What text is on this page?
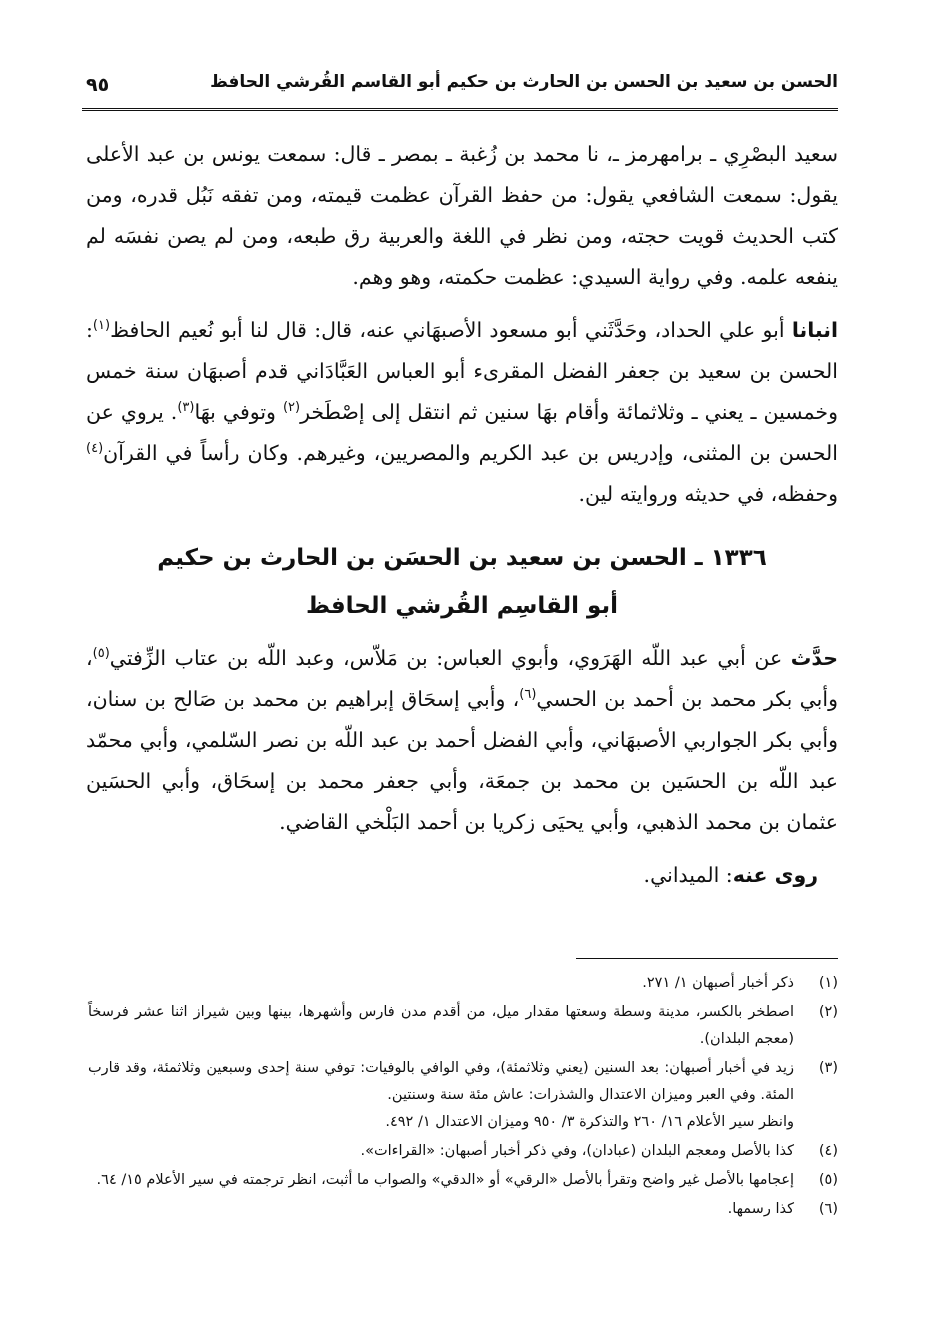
الحسن بن سعيد بن الحسن بن الحارث بن حكيم أبو القاسم القُرشي الحافظ
٩٥

سعيد البصْرِي ـ برامهرمز ـ، نا محمد بن زُغبة ـ بمصر ـ قال: سمعت يونس بن عبد الأعلى يقول: سمعت الشافعي يقول: من حفظ القرآن عظمت قيمته، ومن تفقه نَبُل قدره، ومن كتب الحديث قويت حجته، ومن نظر في اللغة والعربية رق طبعه، ومن لم يصن نفسَه لم ينفعه علمه. وفي رواية السيدي: عظمت حكمته، وهو وهم.

انبانا أبو علي الحداد، وحَدَّثَني أبو مسعود الأصبهَاني عنه، قال: قال لنا أبو نُعيم الحافظ$^{(١)}$: الحسن بن سعيد بن جعفر الفضل المقرىء أبو العباس العَبَّادَاني قدم أصبهَان سنة خمس وخمسين ـ يعني ـ وثلاثمائة وأقام بهَا سنين ثم انتقل إلى إصْطَخر$^{(٢)}$ وتوفي بهَا$^{(٣)}$. يروي عن الحسن بن المثنى، وإدريس بن عبد الكريم والمصريين، وغيرهم. وكان رأساً في القرآن$^{(٤)}$ وحفظه، في حديثه وروايته لين.

١٣٣٦ ـ الحسن بن سعيد بن الحسَن بن الحارث بن حكيم
أبو القاسِم القُرشي الحافظ

حدَّث عن أبي عبد اللّه الهَرَوي، وأبوي العباس: بن مَلاّس، وعبد اللّه بن عتاب الزِّفتي$^{(٥)}$، وأبي بكر محمد بن أحمد بن الحسي$^{(٦)}$، وأبي إسحَاق إبراهيم بن محمد بن صَالح بن سنان، وأبي بكر الجواربي الأصبهَاني، وأبي الفضل أحمد بن عبد اللّه بن نصر السّلمي، وأبي محمّد عبد اللّه بن الحسَين بن محمد بن جمعَة، وأبي جعفر محمد بن إسحَاق، وأبي الحسَين عثمان بن محمد الذهبي، وأبي يحيَى زكريا بن أحمد البَلْخي القاضي.

روى عنه: الميداني.

(١)
ذكر أخبار أصبهان ١/ ٢٧١.
(٢)
اصطخر بالكسر، مدينة وسطة وسعتها مقدار ميل، من أقدم مدن فارس وأشهرها، بينها وبين شيراز اثنا عشر فرسخاً (معجم البلدان).
(٣)
زيد في أخبار أصبهان: بعد السنين (يعني وثلاثمئة)، وفي الوافي بالوفيات: توفي سنة إحدى وسبعين وثلاثمئة، وقد قارب المئة. وفي العبر وميزان الاعتدال والشذرات: عاش مئة سنة وسنتين.
وانظر سير الأعلام ١٦/ ٢٦٠ والتذكرة ٣/ ٩٥٠ وميزان الاعتدال ١/ ٤٩٢.
(٤)
كذا بالأصل ومعجم البلدان (عبادان)، وفي ذكر أخبار أصبهان: «القراءات».
(٥)
إعجامها بالأصل غير واضح وتقرأ بالأصل «الرقي» أو «الدقي» والصواب ما أثبت، انظر ترجمته في سير الأعلام ١٥/ ٦٤.
(٦)
كذا رسمها.
